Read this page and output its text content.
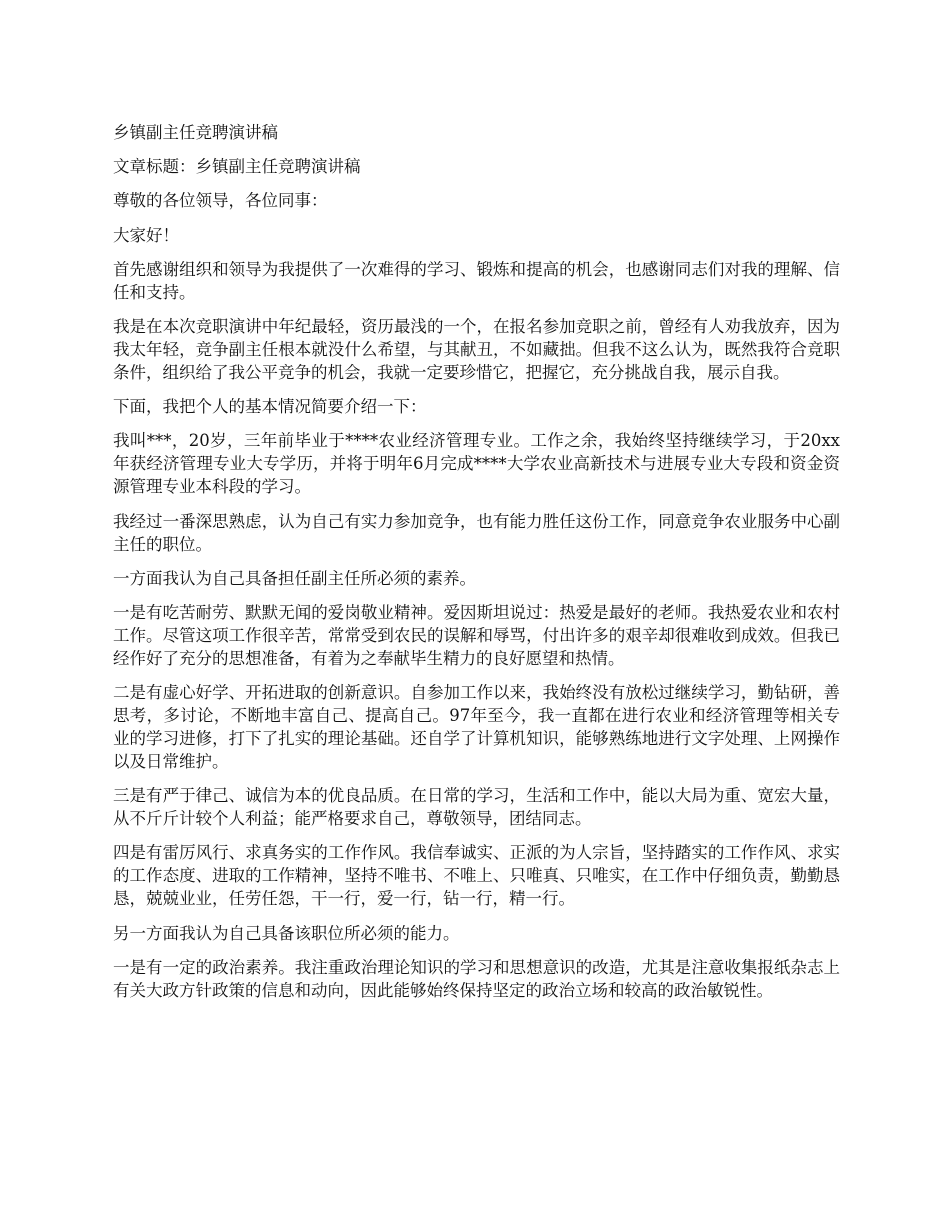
乡镇副主任竞聘演讲稿

文章标题：乡镇副主任竞聘演讲稿

尊敬的各位领导，各位同事：

大家好！

首先感谢组织和领导为我提供了一次难得的学习、锻炼和提高的机会，也感谢同志们对我的理解、信任和支持。

我是在本次竞职演讲中年纪最轻，资历最浅的一个，在报名参加竞职之前，曾经有人劝我放弃，因为我太年轻，竞争副主任根本就没什么希望，与其献丑，不如藏拙。但我不这么认为，既然我符合竞职条件，组织给了我公平竞争的机会，我就一定要珍惜它，把握它，充分挑战自我，展示自我。

下面，我把个人的基本情况简要介绍一下：

我叫***，20岁，三年前毕业于****农业经济管理专业。工作之余，我始终坚持继续学习，于20xx年获经济管理专业大专学历，并将于明年6月完成****大学农业高新技术与进展专业大专段和资金资源管理专业本科段的学习。

我经过一番深思熟虑，认为自己有实力参加竞争，也有能力胜任这份工作，同意竞争农业服务中心副主任的职位。

一方面我认为自己具备担任副主任所必须的素养。

一是有吃苦耐劳、默默无闻的爱岗敬业精神。爱因斯坦说过：热爱是最好的老师。我热爱农业和农村工作。尽管这项工作很辛苦，常常受到农民的误解和辱骂，付出许多的艰辛却很难收到成效。但我已经作好了充分的思想准备，有着为之奉献毕生精力的良好愿望和热情。

二是有虚心好学、开拓进取的创新意识。自参加工作以来，我始终没有放松过继续学习，勤钻研，善思考，多讨论，不断地丰富自己、提高自己。97年至今，我一直都在进行农业和经济管理等相关专业的学习进修，打下了扎实的理论基础。还自学了计算机知识，能够熟练地进行文字处理、上网操作以及日常维护。

三是有严于律己、诚信为本的优良品质。在日常的学习，生活和工作中，能以大局为重、宽宏大量，从不斤斤计较个人利益；能严格要求自己，尊敬领导，团结同志。

四是有雷厉风行、求真务实的工作作风。我信奉诚实、正派的为人宗旨，坚持踏实的工作作风、求实的工作态度、进取的工作精神，坚持不唯书、不唯上、只唯真、只唯实，在工作中仔细负责，勤勤恳恳，兢兢业业，任劳任怨，干一行，爱一行，钻一行，精一行。

另一方面我认为自己具备该职位所必须的能力。

一是有一定的政治素养。我注重政治理论知识的学习和思想意识的改造，尤其是注意收集报纸杂志上有关大政方针政策的信息和动向，因此能够始终保持坚定的政治立场和较高的政治敏锐性。
